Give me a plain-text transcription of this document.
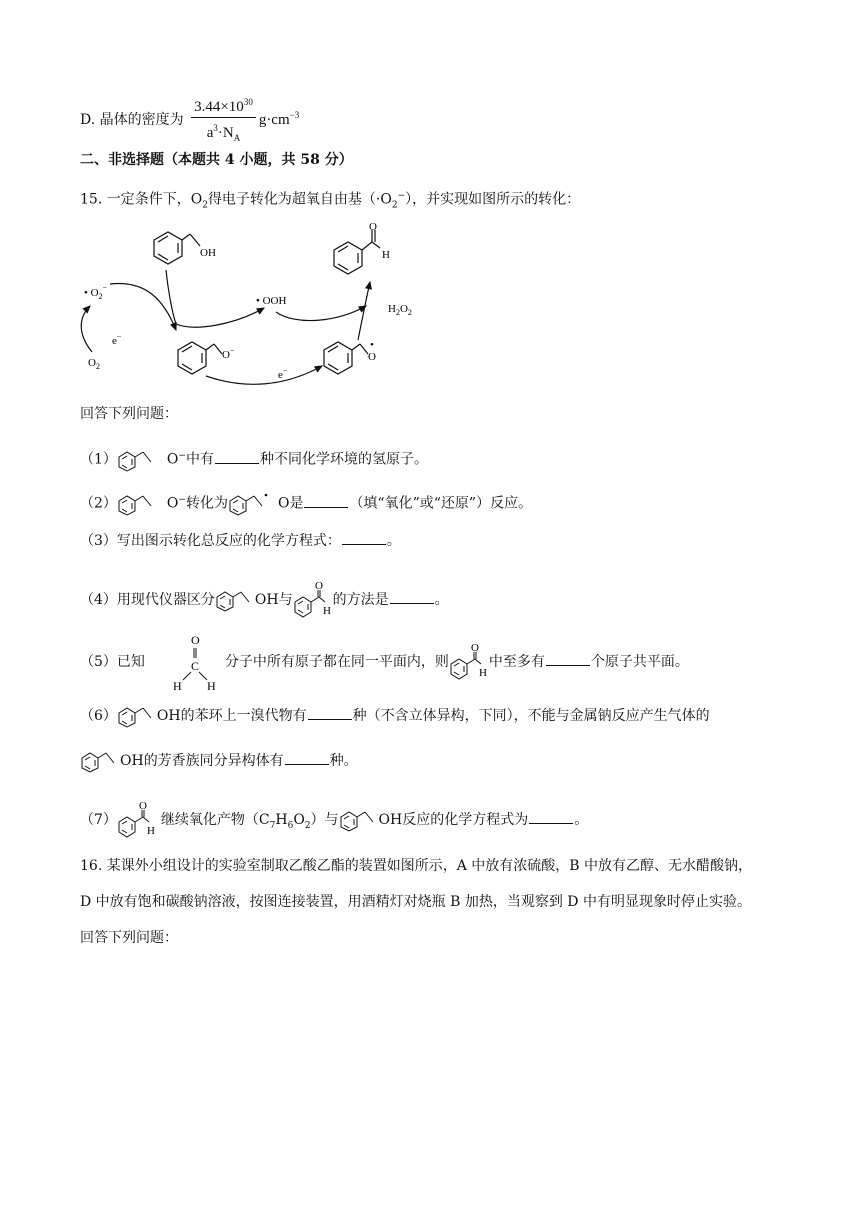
D. 晶体的密度为 $\frac{3.44\times 10^{30}}{a^3\cdot N_A} g\cdot cm^{-3}$
二、非选择题（本题共 4 小题，共 58 分）
15. 一定条件下，$O_2$得电子转化为超氧自由基$(\cdot O_2^-)$，并实现如图所示的转化：
OH
O
H
• $O_2^-$
e−
$O_2$
• OOH
$H_2O_2$
O−
O
•
e−
回答下列问题：
（1）	O−中有	种不同化学环境的氢原子。
（2）	O−转化为	O是	（填“氧化”或“还原”）反应。
（3）写出图示转化总反应的化学方程式：	。
（4）用现代仪器区分	OH与
O
H
的方法是	。
（5）已知
O
C
H H
分子中所有原子都在同一平面内，则
O
H
中至多有	个原子共平面。
（6）	OH的苯环上一溴代物有	种（不含立体异构，下同），不能与金属钠反应产生气体的
OH的芳香族同分异构体有	种。
（7）
O
H
继续氧化产物$(C_7H_6O_2)$与	OH反应的化学方程式为	。
16. 某课外小组设计的实验室制取乙酸乙酯的装置如图所示，A 中放有浓硫酸，B 中放有乙醇、无水醋酸钠，
D 中放有饱和碳酸钠溶液，按图连接装置，用酒精灯对烧瓶 B 加热，当观察到 D 中有明显现象时停止实验。
回答下列问题：
